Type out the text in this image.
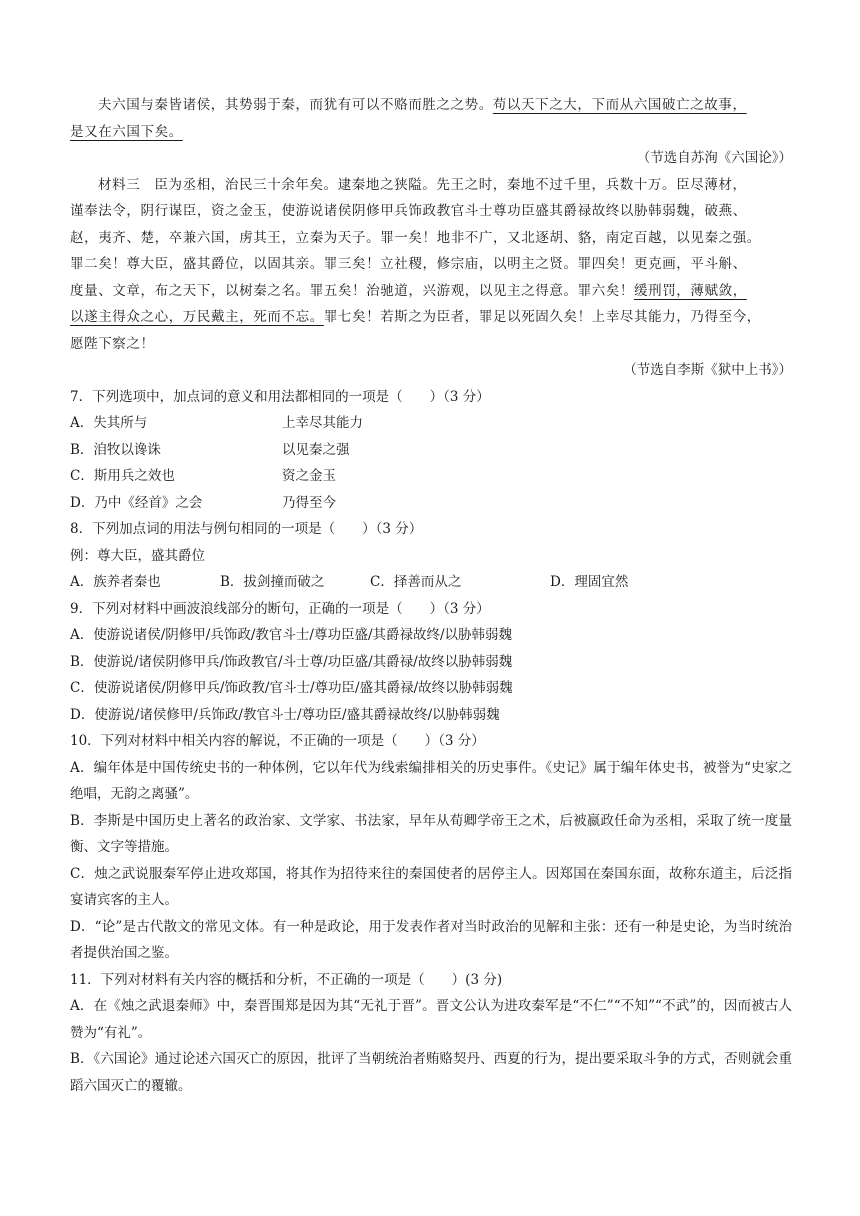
夫六国与秦皆诸侯，其势弱于秦，而犹有可以不赂而胜之之势。苟以天下之大，下而从六国破亡之故事，
是又在六国下矣。
（节选自苏洵《六国论》）
材料三　臣为丞相，治民三十余年矣。逮秦地之狭隘。先王之时，秦地不过千里，兵数十万。臣尽薄材，
谨奉法令，阴行谋臣，资之金玉，使游说诸侯阴修甲兵饰政教官斗士尊功臣盛其爵禄故终以胁韩弱魏，破燕、
赵，夷齐、楚，卒兼六国，虏其王，立秦为天子。罪一矣！地非不广，又北逐胡、貉，南定百越，以见秦之强。
罪二矣！尊大臣，盛其爵位，以固其亲。罪三矣！立社稷，修宗庙，以明主之贤。罪四矣！更克画，平斗斛、
度量、文章，布之天下，以树秦之名。罪五矣！治驰道，兴游观，以见主之得意。罪六矣！缓刑罚，薄赋敛，
以遂主得众之心，万民戴主，死而不忘。罪七矣！若斯之为臣者，罪足以死固久矣！上幸尽其能力，乃得至今，
愿陛下察之！
（节选自李斯《狱中上书》）
7．下列选项中，加点词的意义和用法都相同的一项是（　　）（3 分）
A．失其所与	上幸尽其能力
B．洎牧以谗诛	以见秦之强
C．斯用兵之效也	资之金玉
D．乃中《经首》之会	乃得至今
8．下列加点词的用法与例句相同的一项是（　　）（3 分）
例：尊大臣，盛其爵位
A．族养者秦也	B．拔剑撞而破之	C．择善而从之	D．理固宜然
9．下列对材料中画波浪线部分的断句，正确的一项是（　　）（3 分）
A．使游说诸侯/阴修甲/兵饰政/教官斗士/尊功臣盛/其爵禄故终/以胁韩弱魏
B．使游说/诸侯阴修甲兵/饰政教官/斗士尊/功臣盛/其爵禄/故终以胁韩弱魏
C．使游说诸侯/阴修甲兵/饰政教/官斗士/尊功臣/盛其爵禄/故终以胁韩弱魏
D．使游说/诸侯修甲/兵饰政/教官斗士/尊功臣/盛其爵禄故终/以胁韩弱魏
10．下列对材料中相关内容的解说，不正确的一项是（　　）（3 分）
A．编年体是中国传统史书的一种体例，它以年代为线索编排相关的历史事件。《史记》属于编年体史书，被誉为“史家之绝唱，无韵之离骚”。
B．李斯是中国历史上著名的政治家、文学家、书法家，早年从荀卿学帝王之术，后被嬴政任命为丞相，采取了统一度量衡、文字等措施。
C．烛之武说服秦军停止进攻郑国，将其作为招待来往的秦国使者的居停主人。因郑国在秦国东面，故称东道主，后泛指宴请宾客的主人。
D．“论”是古代散文的常见文体。有一种是政论，用于发表作者对当时政治的见解和主张：还有一种是史论，为当时统治者提供治国之鉴。
11．下列对材料有关内容的概括和分析，不正确的一项是（　　）(3 分)
A．在《烛之武退秦师》中，秦晋围郑是因为其“无礼于晋”。晋文公认为进攻秦军是“不仁”“不知”“不武”的，因而被古人赞为“有礼”。
B．《六国论》通过论述六国灭亡的原因，批评了当朝统治者贿赂契丹、西夏的行为，提出要采取斗争的方式，否则就会重蹈六国灭亡的覆辙。
